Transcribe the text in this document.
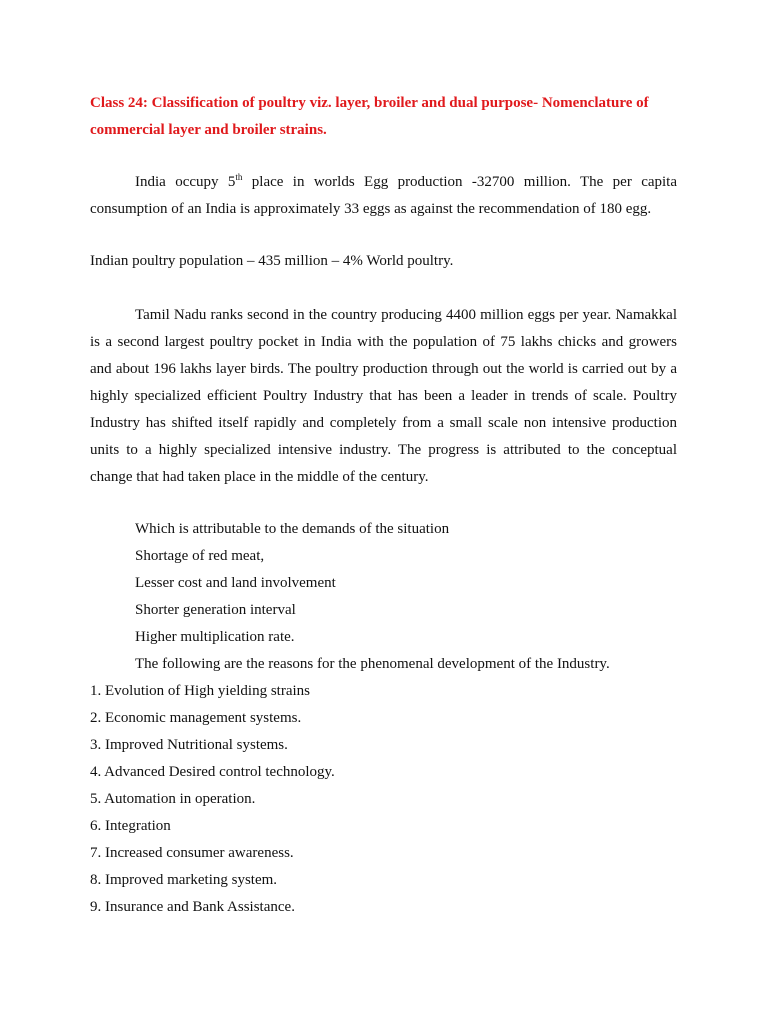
Class 24: Classification of poultry viz. layer, broiler and dual purpose- Nomenclature of commercial layer and broiler strains.
India occupy 5th place in worlds Egg production -32700 million. The per capita
consumption of an India is approximately 33 eggs as against the recommendation of 180 egg.
Indian poultry population – 435 million – 4% World poultry.
Tamil Nadu ranks second in the country producing 4400 million eggs per year. Namakkal
is a second largest poultry pocket in India with the population of 75 lakhs chicks and growers
and about 196 lakhs layer birds. The poultry production through out the world is carried out by a
highly specialized efficient Poultry Industry that has been a leader in trends of scale. Poultry
Industry has shifted itself rapidly and completely from a small scale non intensive production
units to a highly specialized intensive industry. The progress is attributed to the conceptual
change that had taken place in the middle of the century.
Which is attributable to the demands of the situation
Shortage of red meat,
Lesser cost and land involvement
Shorter generation interval
Higher multiplication rate.
The following are the reasons for the phenomenal development of the Industry.
1. Evolution of High yielding strains
2. Economic management systems.
3. Improved Nutritional systems.
4. Advanced Desired control technology.
5. Automation in operation.
6. Integration
7. Increased consumer awareness.
8. Improved marketing system.
9. Insurance and Bank Assistance.
